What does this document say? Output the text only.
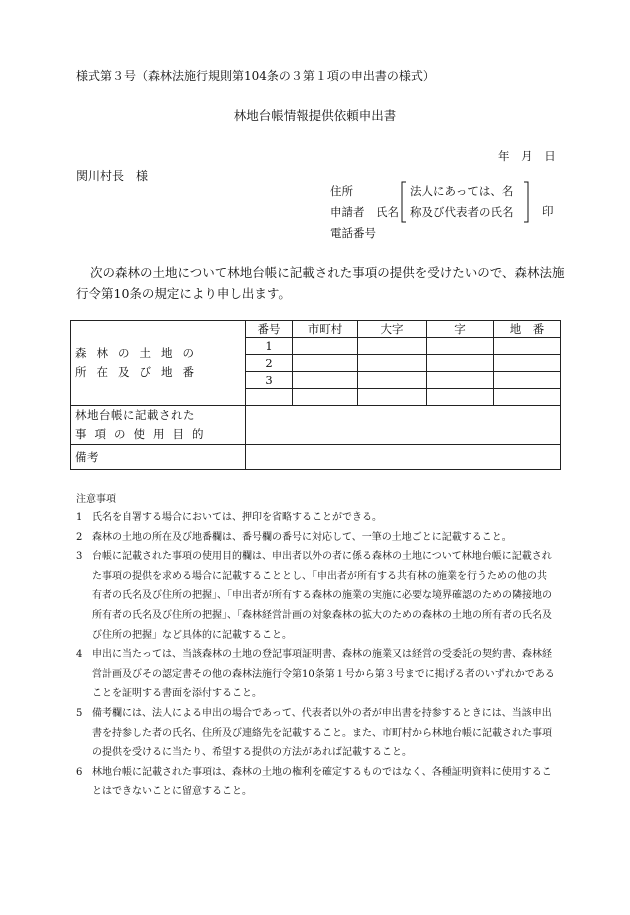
様式第３号（森林法施行規則第104条の３第１項の申出書の様式）
林地台帳情報提供依頼申出書
年 月 日
関川村長　様
住所
申請者　氏名
電話番号
法人にあっては、名
称及び代表者の氏名 印
次の森林の土地について林地台帳に記載された事項の提供を受けたいので、森林法施行令第10条の規定により申し出ます。
森林の土地の
所在及び地番	番号	市町村	大字	字	地　番
	1				
	2				
	3				

林地台帳に記載された
事項の使用目的					

備考					
注意事項
1 氏名を自署する場合においては、押印を省略することができる。
2 森林の土地の所在及び地番欄は、番号欄の番号に対応して、一筆の土地ごとに記載すること。
3 台帳に記載された事項の使用目的欄は、申出者以外の者に係る森林の土地について林地台帳に記載された事項の提供を求める場合に記載することとし、「申出者が所有する共有林の施業を行うための他の共有者の氏名及び住所の把握」、「申出者が所有する森林の施業の実施に必要な境界確認のための隣接地の所有者の氏名及び住所の把握」、「森林経営計画の対象森林の拡大のための森林の土地の所有者の氏名及び住所の把握」など具体的に記載すること。
4 申出に当たっては、当該森林の土地の登記事項証明書、森林の施業又は経営の受委託の契約書、森林経営計画及びその認定書その他の森林法施行令第10条第１号から第３号までに掲げる者のいずれかであることを証明する書面を添付すること。
5 備考欄には、法人による申出の場合であって、代表者以外の者が申出書を持参するときには、当該申出書を持参した者の氏名、住所及び連絡先を記載すること。また、市町村から林地台帳に記載された事項の提供を受けるに当たり、希望する提供の方法があれば記載すること。
6 林地台帳に記載された事項は、森林の土地の権利を確定するものではなく、各種証明資料に使用することはできないことに留意すること。
